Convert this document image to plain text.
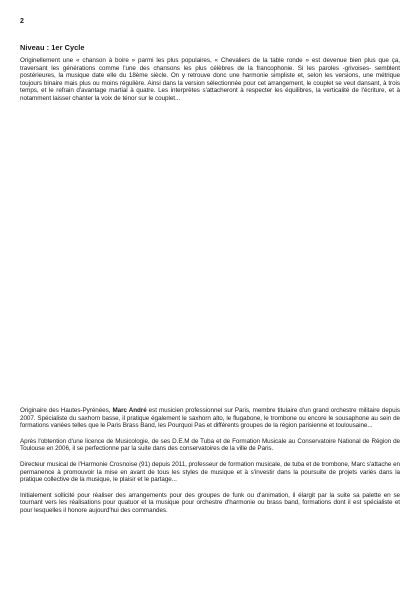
2
Niveau : 1er Cycle

Originellement une « chanson à boire » parmi les plus populaires, « Chevaliers de la table ronde » est devenue bien plus que ça, traversant les générations comme l'une des chansons les plus célèbres de la francophonie. Si les paroles -grivoises- semblent postérieures, la musique date elle du 18ème siècle. On y retrouve donc une harmonie simpliste et, selon les versions, une métrique toujours binaire mais plus ou moins régulière. Ainsi dans la version sélectionnée pour cet arrangement, le couplet se veut dansant, à trois temps, et le refrain d'avantage martial à quatre. Les interprètes s'attacheront à respecter les équilibres, la verticalité de l'écriture, et à notamment laisser chanter la voix de ténor sur le couplet...

Originaire des Hautes-Pyrénées, Marc André est musicien professionnel sur Paris, membre titulaire d'un grand orchestre militaire depuis 2007. Spécialiste du saxhorn basse, il pratique également le saxhorn alto, le flugabone, le trombone ou encore le sousaphone au sein de formations variées telles que le Paris Brass Band, les Pourquoi Pas et différents groupes de la région parisienne et toulousaine...

Après l'obtention d'une licence de Musicologie, de ses D.E.M de Tuba et de Formation Musicale au Conservatoire National de Région de Toulouse en 2006, il se perfectionne par la suite dans des conservatoires de la ville de Paris.

Directeur musical de l'Harmonie Crosnoise (91) depuis 2011, professeur de formation musicale, de tuba et de trombone, Marc s'attache en permanence à promouvoir la mise en avant de tous les styles de musique et à s'investir dans la poursuite de projets variés dans la pratique collective de la musique, le plaisir et le partage...

Initialement sollicité pour réaliser des arrangements pour des groupes de funk ou d'animation, il élargit par la suite sa palette en se tournant vers les réalisations pour quatuor et la musique pour orchestre d'harmonie ou brass band, formations dont il est spécialiste et pour lesquelles il honore aujourd'hui des commandes.
